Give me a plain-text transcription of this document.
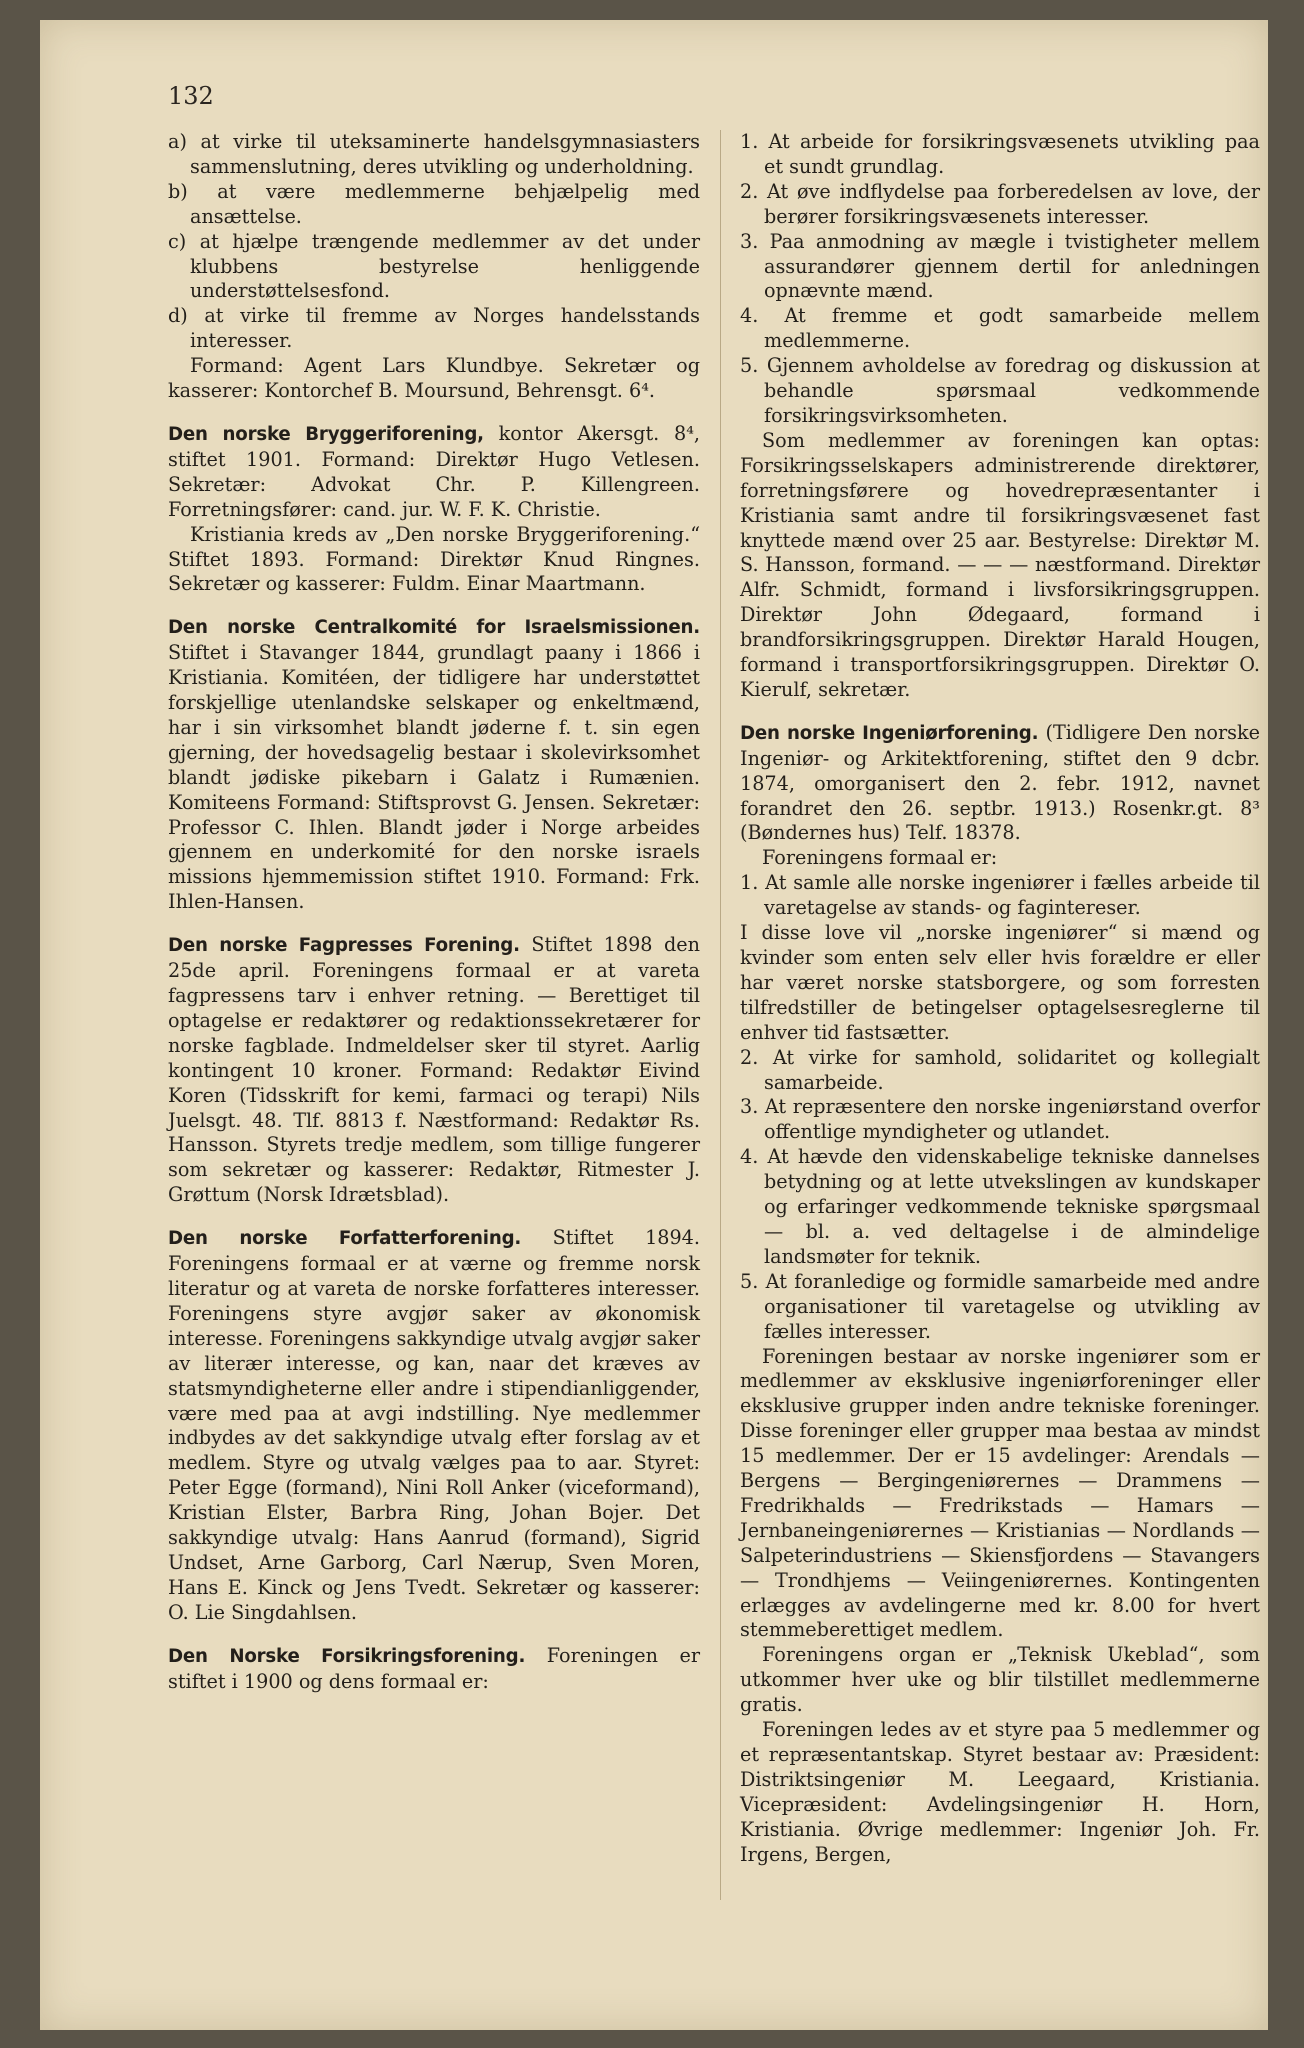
132

a) at virke til uteksaminerte handelsgymnasiasters sammenslutning, deres utvikling og underholdning.

b) at være medlemmerne behjælpelig med ansættelse.

c) at hjælpe trængende medlemmer av det under klubbens bestyrelse henliggende understøttelsesfond.

d) at virke til fremme av Norges handelsstands interesser.

Formand: Agent Lars Klundbye. Sekretær og kasserer: Kontorchef B. Moursund, Behrensgt. 6⁴.

Den norske Bryggeriforening, kontor Akersgt. 8⁴, stiftet 1901. Formand: Direktør Hugo Vetlesen. Sekretær: Advokat Chr. P. Killengreen. Forretningsfører: cand. jur. W. F. K. Christie.

Kristiania kreds av „Den norske Bryggeriforening.“ Stiftet 1893. Formand: Direktør Knud Ringnes. Sekretær og kasserer: Fuldm. Einar Maartmann.

Den norske Centralkomité for Israelsmissionen. Stiftet i Stavanger 1844, grundlagt paany i 1866 i Kristiania. Komitéen, der tidligere har understøttet forskjellige utenlandske selskaper og enkeltmænd, har i sin virksomhet blandt jøderne f. t. sin egen gjerning, der hovedsagelig bestaar i skolevirksomhet blandt jødiske pikebarn i Galatz i Rumænien. Komiteens Formand: Stiftsprovst G. Jensen. Sekretær: Professor C. Ihlen. Blandt jøder i Norge arbeides gjennem en underkomité for den norske israels missions hjemmemission stiftet 1910. Formand: Frk. Ihlen-Hansen.

Den norske Fagpresses Forening. Stiftet 1898 den 25de april. Foreningens formaal er at vareta fagpressens tarv i enhver retning. — Berettiget til optagelse er redaktører og redaktionssekretærer for norske fagblade. Indmeldelser sker til styret. Aarlig kontingent 10 kroner. Formand: Redaktør Eivind Koren (Tidsskrift for kemi, farmaci og terapi) Nils Juelsgt. 48. Tlf. 8813 f. Næstformand: Redaktør Rs. Hansson. Styrets tredje medlem, som tillige fungerer som sekretær og kasserer: Redaktør, Ritmester J. Grøttum (Norsk Idrætsblad).

Den norske Forfatterforening. Stiftet 1894. Foreningens formaal er at værne og fremme norsk literatur og at vareta de norske forfatteres interesser. Foreningens styre avgjør saker av økonomisk interesse. Foreningens sakkyndige utvalg avgjør saker av literær interesse, og kan, naar det kræves av statsmyndigheterne eller andre i stipendianliggender, være med paa at avgi indstilling. Nye medlemmer indbydes av det sakkyndige utvalg efter forslag av et medlem. Styre og utvalg vælges paa to aar. Styret: Peter Egge (formand), Nini Roll Anker (viceformand), Kristian Elster, Barbra Ring, Johan Bojer. Det sakkyndige utvalg: Hans Aanrud (formand), Sigrid Undset, Arne Garborg, Carl Nærup, Sven Moren, Hans E. Kinck og Jens Tvedt. Sekretær og kasserer: O. Lie Singdahlsen.

Den Norske Forsikringsforening. Foreningen er stiftet i 1900 og dens formaal er:

1. At arbeide for forsikringsvæsenets utvikling paa et sundt grundlag.

2. At øve indflydelse paa forberedelsen av love, der berører forsikringsvæsenets interesser.

3. Paa anmodning av mægle i tvistigheter mellem assurandører gjennem dertil for anledningen opnævnte mænd.

4. At fremme et godt samarbeide mellem medlemmerne.

5. Gjennem avholdelse av foredrag og diskussion at behandle spørsmaal vedkommende forsikringsvirksomheten.

Som medlemmer av foreningen kan optas: Forsikringsselskapers administrerende direktører, forretningsførere og hovedrepræsentanter i Kristiania samt andre til forsikringsvæsenet fast knyttede mænd over 25 aar. Bestyrelse: Direktør M. S. Hansson, formand. — — — næstformand. Direktør Alfr. Schmidt, formand i livsforsikringsgruppen. Direktør John Ødegaard, formand i brandforsikringsgruppen. Direktør Harald Hougen, formand i transportforsikringsgruppen. Direktør O. Kierulf, sekretær.

Den norske Ingeniørforening. (Tidligere Den norske Ingeniør- og Arkitektforening, stiftet den 9 dcbr. 1874, omorganisert den 2. febr. 1912, navnet forandret den 26. septbr. 1913.) Rosenkr.gt. 8³ (Bøndernes hus) Telf. 18378.

Foreningens formaal er:

1. At samle alle norske ingeniører i fælles arbeide til varetagelse av stands- og fagintereser.

I disse love vil „norske ingeniører“ si mænd og kvinder som enten selv eller hvis forældre er eller har været norske statsborgere, og som forresten tilfredstiller de betingelser optagelsesreglerne til enhver tid fastsætter.

2. At virke for samhold, solidaritet og kollegialt samarbeide.

3. At repræsentere den norske ingeniørstand overfor offentlige myndigheter og utlandet.

4. At hævde den videnskabelige tekniske dannelses betydning og at lette utvekslingen av kundskaper og erfaringer vedkommende tekniske spørgsmaal — bl. a. ved deltagelse i de almindelige landsmøter for teknik.

5. At foranledige og formidle samarbeide med andre organisationer til varetagelse og utvikling av fælles interesser.

Foreningen bestaar av norske ingeniører som er medlemmer av eksklusive ingeniørforeninger eller eksklusive grupper inden andre tekniske foreninger. Disse foreninger eller grupper maa bestaa av mindst 15 medlemmer. Der er 15 avdelinger: Arendals — Bergens — Bergingeniørernes — Drammens — Fredrikhalds — Fredrikstads — Hamars — Jernbaneingeniørernes — Kristianias — Nordlands — Salpeterindustriens — Skiensfjordens — Stavangers — Trondhjems — Veiingeniørernes. Kontingenten erlægges av avdelingerne med kr. 8.00 for hvert stemmeberettiget medlem.

Foreningens organ er „Teknisk Ukeblad“, som utkommer hver uke og blir tilstillet medlemmerne gratis.

Foreningen ledes av et styre paa 5 medlemmer og et repræsentantskap. Styret bestaar av: Præsident: Distriktsingeniør M. Leegaard, Kristiania. Vicepræsident: Avdelingsingeniør H. Horn, Kristiania. Øvrige medlemmer: Ingeniør Joh. Fr. Irgens, Bergen,
